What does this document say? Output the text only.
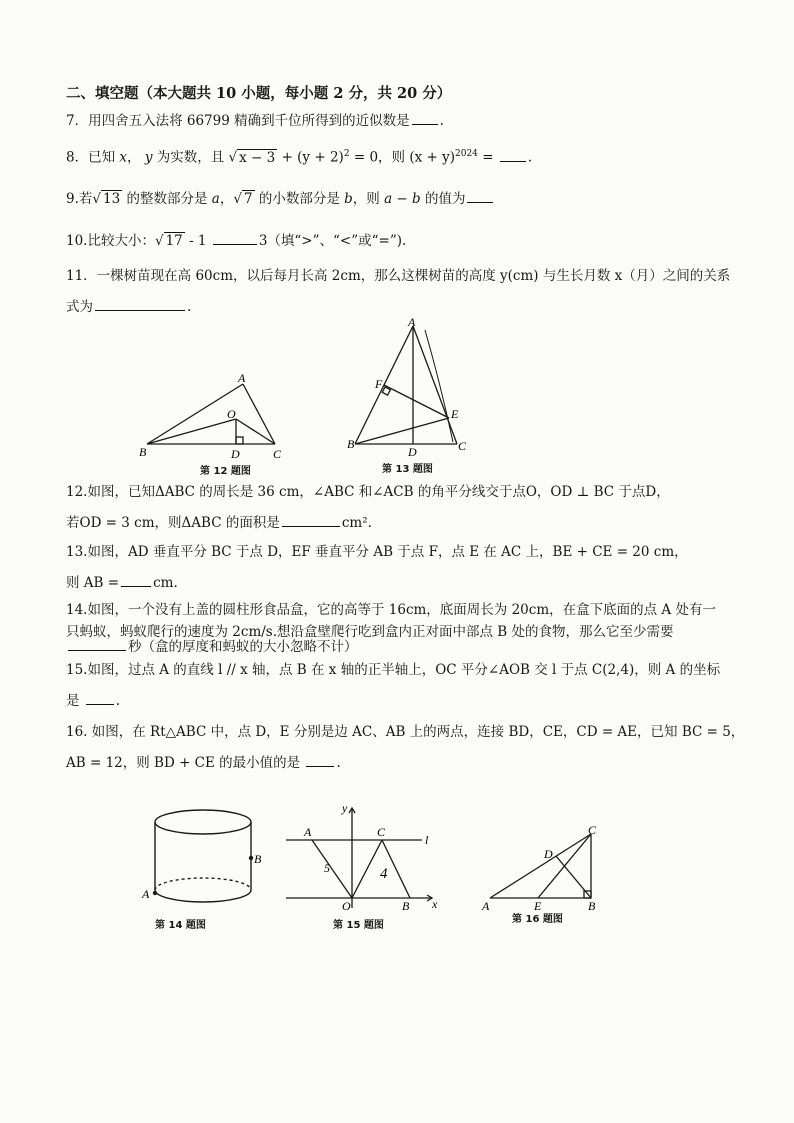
二、填空题（本大题共 10 小题，每小题 2 分，共 20 分）
7．用四舍五入法将 66799 精确到千位所得到的近似数是 .
8．已知 x， y 为实数，且 √ $x - 3 + (y + 2)^2 = 0$，则 $(x + y)^{2024}$ = .
9.若√ 13 的整数部分是 a，√ 7 的小数部分是 b，则 a − b 的值为
10.比较大小：√ 17 - 1	3（填“>”、“<”或“=”).
11．一棵树苗现在高 60cm，以后每月长高 2cm，那么这棵树苗的高度 y(cm) 与生长月数 x（月）之间的关系
式为	.
A
O
B	D	C
第 12 题图
A
F
E
B
D	C
第 13 题图
12.如图，已知ΔABC 的周长是 36 cm，∠ABC 和∠ACB 的角平分线交于点O，OD ⊥ BC 于点D，
若OD = 3 cm，则ΔABC 的面积是	cm².
13.如图，AD 垂直平分 BC 于点 D，EF 垂直平分 AB 于点 F，点 E 在 AC 上，BE + CE = 20 cm，
则 AB =	cm.
14.如图，一个没有上盖的圆柱形食品盒，它的高等于 16cm，底面周长为 20cm，在盒下底面的点 A 处有一
只蚂蚁，蚂蚁爬行的速度为 2cm/s.想沿盒壁爬行吃到盒内正对面中部点 B 处的食物，那么它至少需要
秒（盒的厚度和蚂蚁的大小忽略不计）
15.如图，过点 A 的直线 l // x 轴，点 B 在 x 轴的正半轴上，OC 平分∠AOB 交 l 于点 C(2,4)，则 A 的坐标
是	.
16. 如图，在 Rt△ABC 中，点 D，E 分别是边 AC、AB 上的两点，连接 BD，CE，CD = AE，已知 BC = 5，
AB = 12，则 BD + CE 的最小值的是	.
A
B
第 14 题图
A	C
l
y
x
O	B
5	4
第 15 题图
A	E	B
C
D
第 16 题图
